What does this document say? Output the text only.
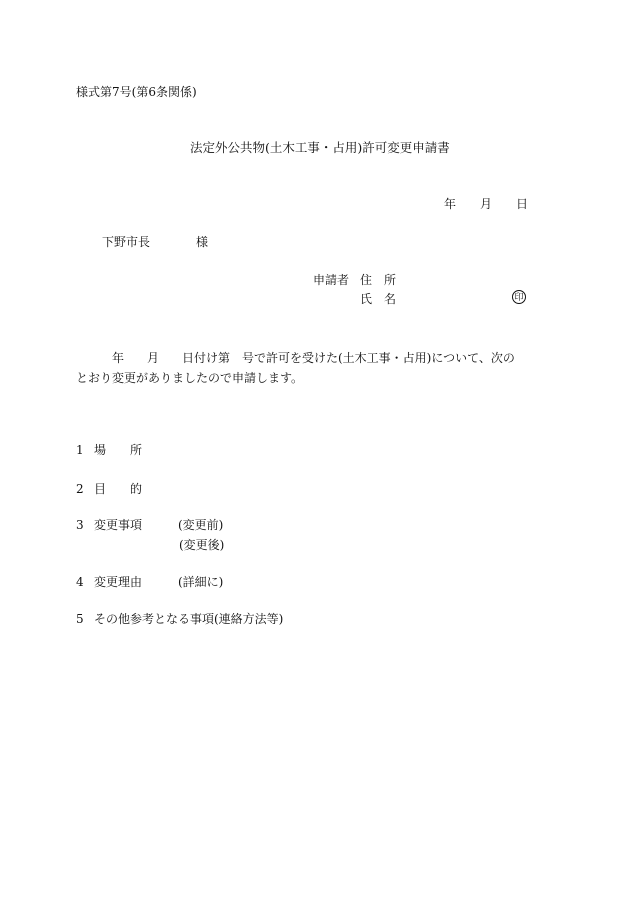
様式第7号(第6条関係)
法定外公共物(土木工事・占用)許可変更申請書
年 月 日
下野市長	様
申請者 住　所
氏　名	印
年 月 日付け第 号で許可を受けた(土木工事・占用)について、次の
とおり変更がありましたので申請します。
1 場　　所
2 目　　的
3 変更事項	(変更前)
(変更後)
4 変更理由	(詳細に)
5 その他参考となる事項(連絡方法等)
